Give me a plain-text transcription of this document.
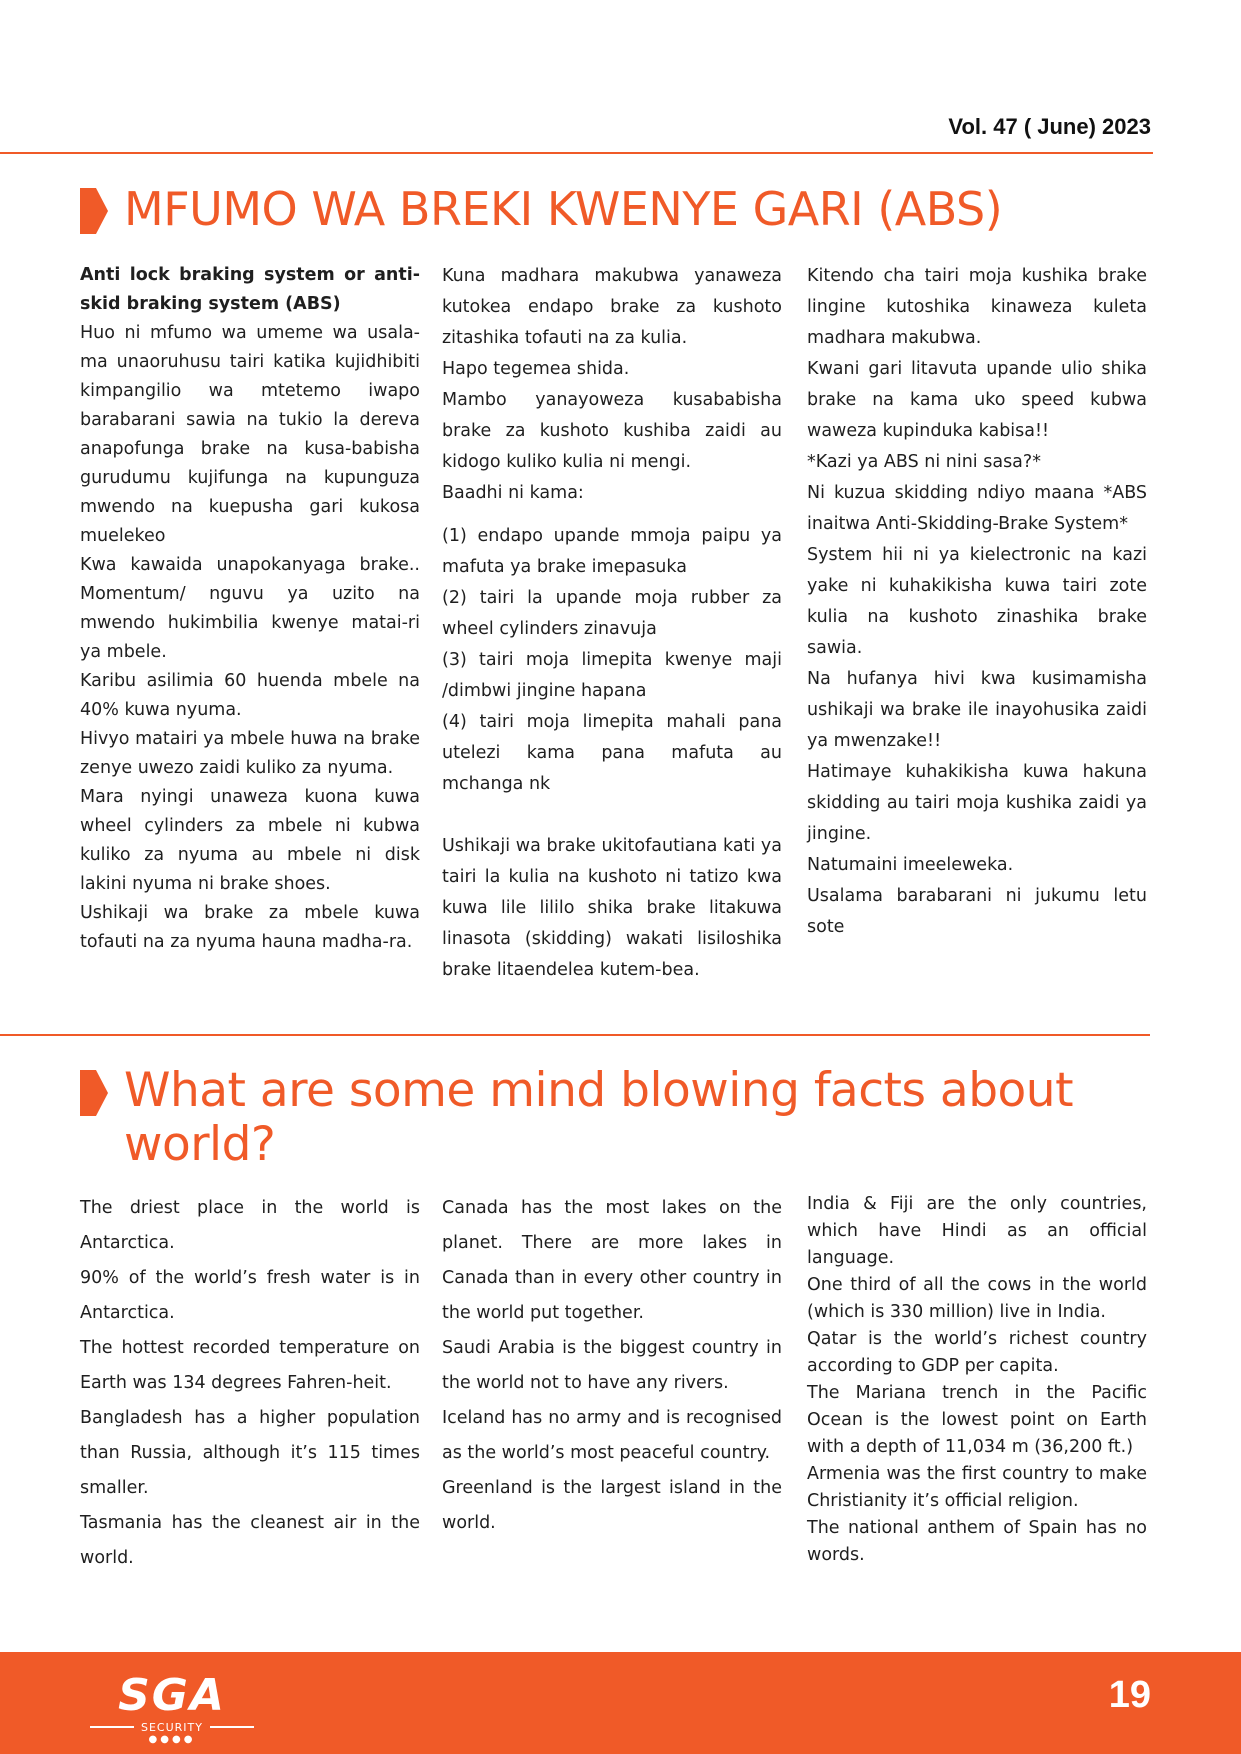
Vol. 47 ( June) 2023
MFUMO WA BREKI KWENYE GARI (ABS)

Anti lock braking system or anti-skid braking system (ABS)

Huo ni mfumo wa umeme wa usala-ma unaoruhusu tairi katika kujidhibiti kimpangilio wa mtetemo iwapo barabarani sawia na tukio la dereva anapofunga brake na kusa-babisha gurudumu kujifunga na kupunguza mwendo na kuepusha gari kukosa muelekeo

Kwa kawaida unapokanyaga brake.. Momentum/ nguvu ya uzito na mwendo hukimbilia kwenye matai-ri ya mbele.

Karibu asilimia 60 huenda mbele na 40% kuwa nyuma.

Hivyo matairi ya mbele huwa na brake zenye uwezo zaidi kuliko za nyuma.

Mara nyingi unaweza kuona kuwa wheel cylinders za mbele ni kubwa kuliko za nyuma au mbele ni disk lakini nyuma ni brake shoes.

Ushikaji wa brake za mbele kuwa tofauti na za nyuma hauna madha-ra.

Kuna madhara makubwa yanaweza kutokea endapo brake za kushoto zitashika tofauti na za kulia.

Hapo tegemea shida.

Mambo yanayoweza kusababisha brake za kushoto kushiba zaidi au kidogo kuliko kulia ni mengi.

Baadhi ni kama:

(1) endapo upande mmoja paipu ya mafuta ya brake imepasuka

(2) tairi la upande moja rubber za wheel cylinders zinavuja

(3) tairi moja limepita kwenye maji /dimbwi jingine hapana

(4) tairi moja limepita mahali pana utelezi kama pana mafuta au mchanga nk

Ushikaji wa brake ukitofautiana kati ya tairi la kulia na kushoto ni tatizo kwa kuwa lile lililo shika brake litakuwa linasota (skidding) wakati lisiloshika brake litaendelea kutem-bea.

Kitendo cha tairi moja kushika brake lingine kutoshika kinaweza kuleta madhara makubwa.

Kwani gari litavuta upande ulio shika brake na kama uko speed kubwa waweza kupinduka kabisa!!

*Kazi ya ABS ni nini sasa?*

Ni kuzua skidding ndiyo maana *ABS inaitwa Anti-Skidding-Brake System*

System hii ni ya kielectronic na kazi yake ni kuhakikisha kuwa tairi zote kulia na kushoto zinashika brake sawia.

Na hufanya hivi kwa kusimamisha ushikaji wa brake ile inayohusika zaidi ya mwenzake!!

Hatimaye kuhakikisha kuwa hakuna skidding au tairi moja kushika zaidi ya jingine.

Natumaini imeeleweka.

Usalama barabarani ni jukumu letu sote

What are some mind blowing facts about world?

The driest place in the world is Antarctica.

90% of the world’s fresh water is in Antarctica.

The hottest recorded temperature on Earth was 134 degrees Fahren-heit.

Bangladesh has a higher population than Russia, although it’s 115 times smaller.

Tasmania has the cleanest air in the world.

Canada has the most lakes on the planet. There are more lakes in Canada than in every other country in the world put together.

Saudi Arabia is the biggest country in the world not to have any rivers.

Iceland has no army and is recognised as the world’s most peaceful country.

Greenland is the largest island in the world.

India & Fiji are the only countries, which have Hindi as an official language.

One third of all the cows in the world (which is 330 million) live in India.

Qatar is the world’s richest country according to GDP per capita.

The Mariana trench in the Pacific Ocean is the lowest point on Earth with a depth of 11,034 m (36,200 ft.)

Armenia was the first country to make Christianity it’s official religion.

The national anthem of Spain has no words.

SGA
SECURITY
●●●●
19
